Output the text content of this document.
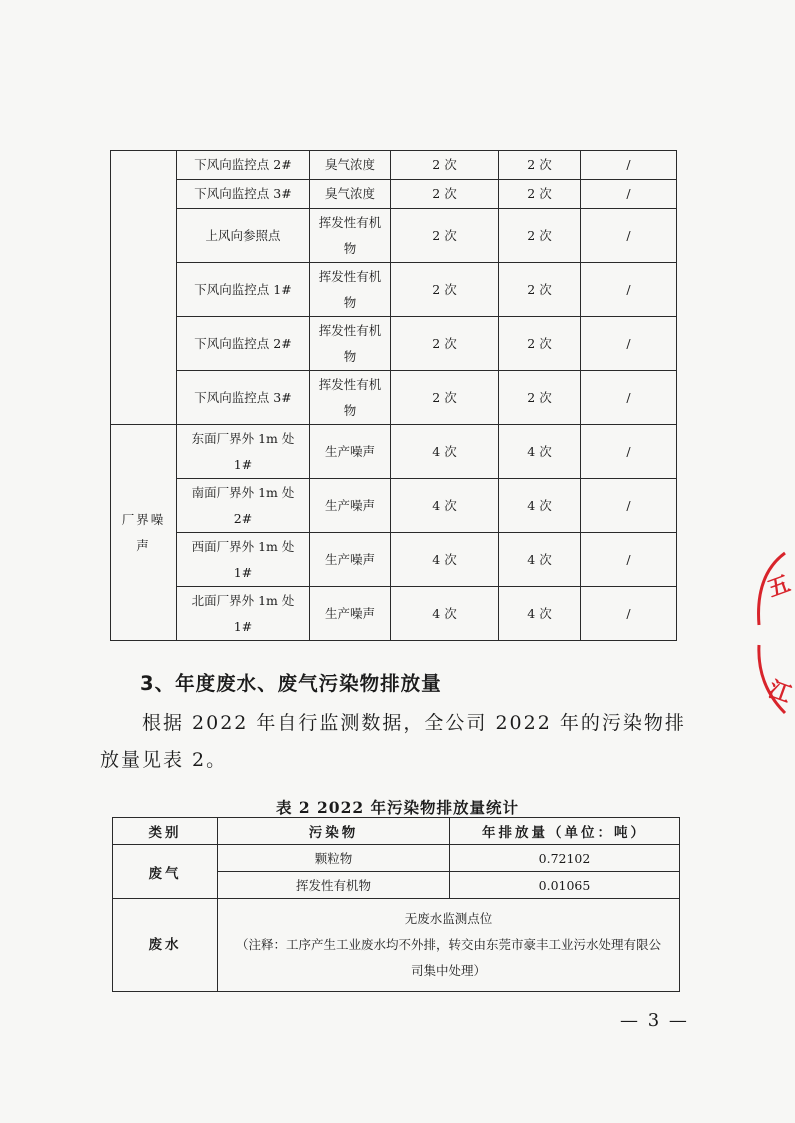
	下风向监控点 2#	臭气浓度	2 次	2 次	/
	下风向监控点 3#	臭气浓度	2 次	2 次	/
	上风向参照点	挥发性有机物	2 次	2 次	/
	下风向监控点 1#	挥发性有机物	2 次	2 次	/
	下风向监控点 2#	挥发性有机物	2 次	2 次	/
	下风向监控点 3#	挥发性有机物	2 次	2 次	/
厂界噪声	东面厂界外 1m 处 1#	生产噪声	4 次	4 次	/
	南面厂界外 1m 处 2#	生产噪声	4 次	4 次	/
	西面厂界外 1m 处 1#	生产噪声	4 次	4 次	/
	北面厂界外 1m 处 1#	生产噪声	4 次	4 次	/
3、年度废水、废气污染物排放量

根据 2022 年自行监测数据，全公司 2022 年的污染物排放量见表 2。

表 2 2022 年污染物排放量统计
类别	污染物	年排放量（单位：吨）
废气	颗粒物	0.72102
	挥发性有机物	0.01065
废水	无废水监测点位
（注释：工序产生工业废水均不外排，转交由东莞市豪丰工业污水处理有限公司集中处理）	
— 3 —
五
江
